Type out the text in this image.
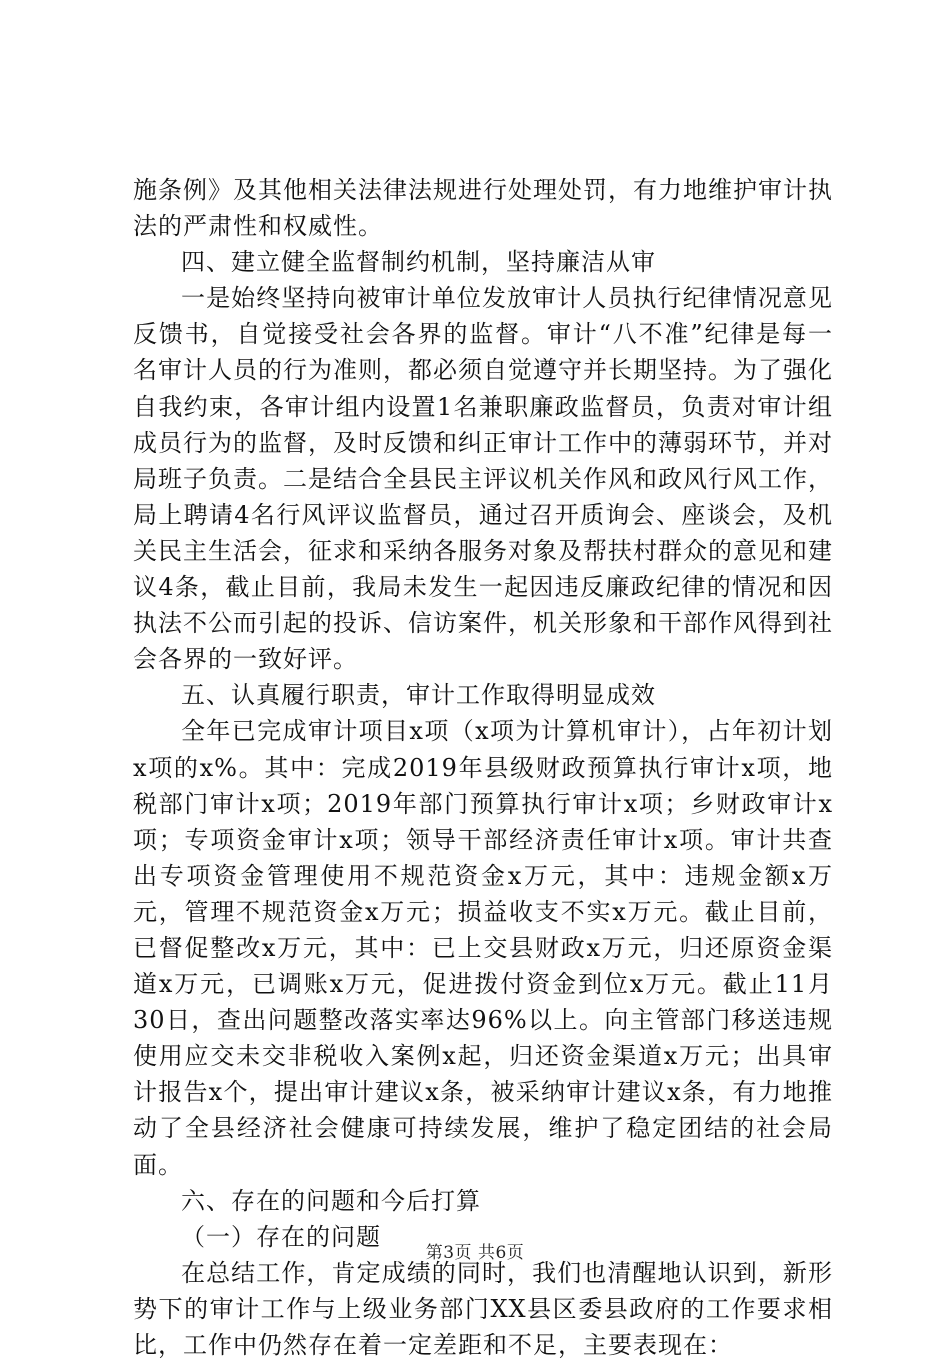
施条例》及其他相关法律法规进行处理处罚，有力地维护审计执法的严肃性和权威性。

四、建立健全监督制约机制，坚持廉洁从审

一是始终坚持向被审计单位发放审计人员执行纪律情况意见反馈书，自觉接受社会各界的监督。审计“八不准”纪律是每一名审计人员的行为准则，都必须自觉遵守并长期坚持。为了强化自我约束，各审计组内设置1名兼职廉政监督员，负责对审计组成员行为的监督，及时反馈和纠正审计工作中的薄弱环节，并对局班子负责。二是结合全县民主评议机关作风和政风行风工作，局上聘请4名行风评议监督员，通过召开质询会、座谈会，及机关民主生活会，征求和采纳各服务对象及帮扶村群众的意见和建议4条，截止目前，我局未发生一起因违反廉政纪律的情况和因执法不公而引起的投诉、信访案件，机关形象和干部作风得到社会各界的一致好评。

五、认真履行职责，审计工作取得明显成效

全年已完成审计项目x项（x项为计算机审计），占年初计划x项的x%。其中：完成2019年县级财政预算执行审计x项，地税部门审计x项；2019年部门预算执行审计x项；乡财政审计x项；专项资金审计x项；领导干部经济责任审计x项。审计共查出专项资金管理使用不规范资金x万元，其中：违规金额x万元，管理不规范资金x万元；损益收支不实x万元。截止目前，已督促整改x万元，其中：已上交县财政x万元，归还原资金渠道x万元，已调账x万元，促进拨付资金到位x万元。截止11月30日，查出问题整改落实率达96%以上。向主管部门移送违规使用应交未交非税收入案例x起，归还资金渠道x万元；出具审计报告x个，提出审计建议x条，被采纳审计建议x条，有力地推动了全县经济社会健康可持续发展，维护了稳定团结的社会局面。

六、存在的问题和今后打算

（一）存在的问题

在总结工作，肯定成绩的同时，我们也清醒地认识到，新形势下的审计工作与上级业务部门XX县区委县政府的工作要求相比，工作中仍然存在着一定差距和不足，主要表现在：

第3页 共6页
